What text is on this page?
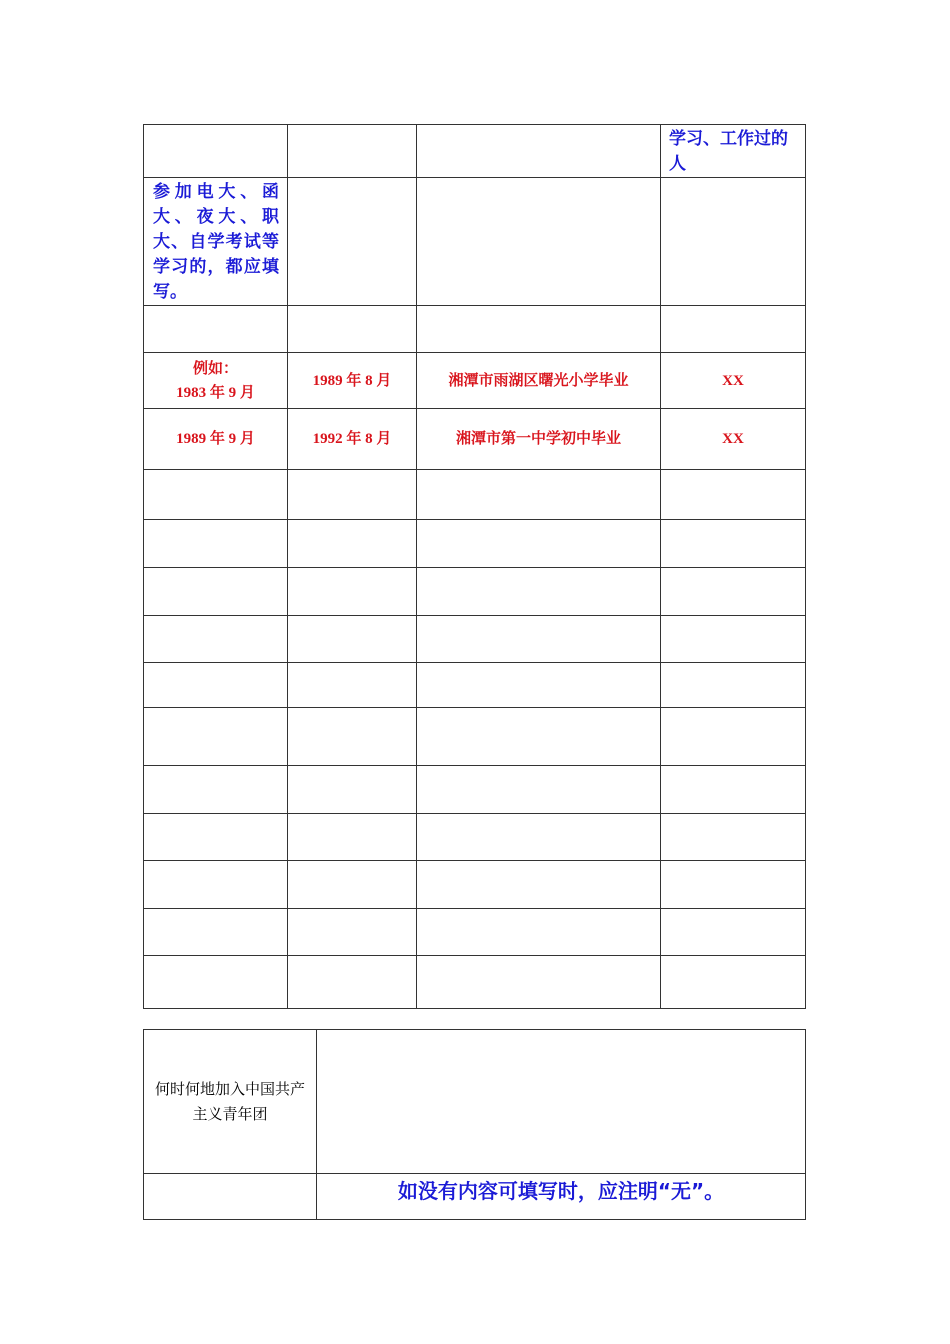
			学习、工作过的人
参加电大、函大、夜大、职大、自学考试等学习的，都应填写。			

例如：
1983 年 9 月	1989 年 8 月	湘潭市雨湖区曙光小学毕业	XX
1989 年 9 月	1992 年 8 月	湘潭市第一中学初中毕业	XX

何时何地加入中国共产主义青年团	
	如没有内容可填写时，应注明“无”。
